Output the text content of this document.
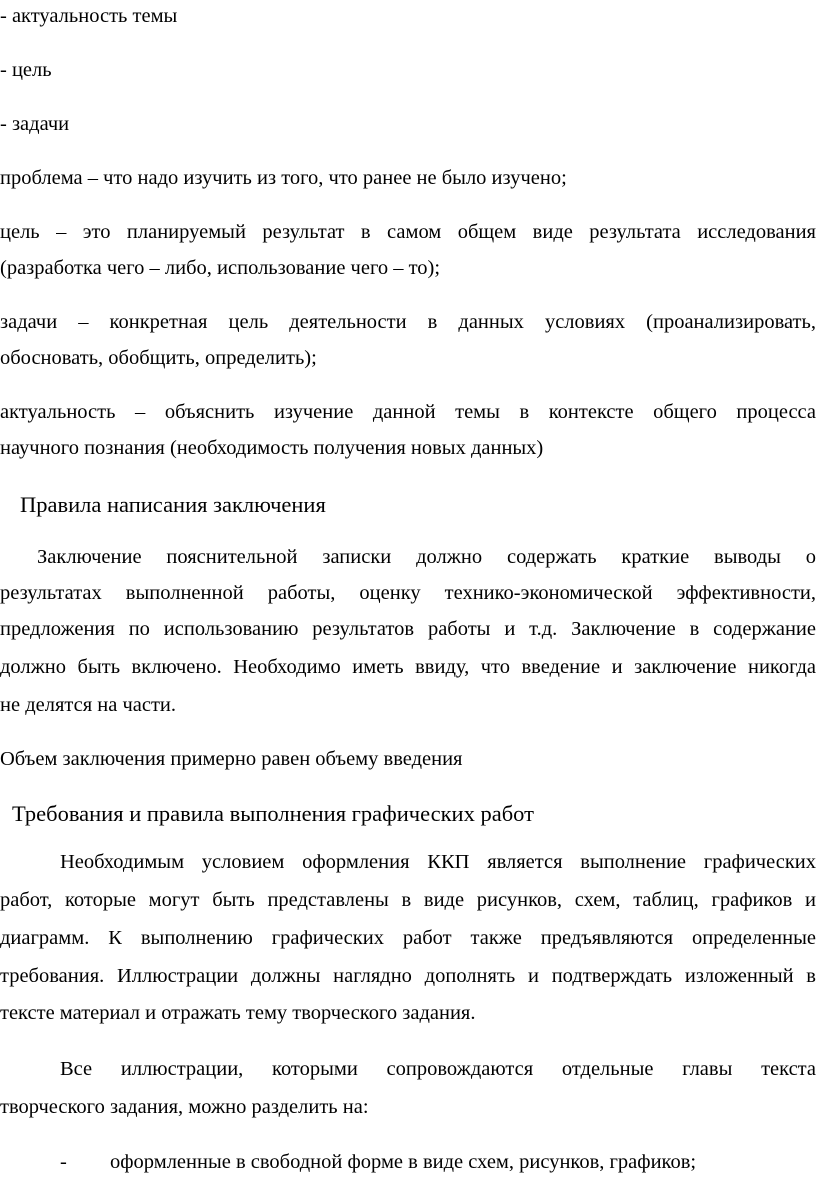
- актуальность темы
- цель
- задачи
проблема – что надо изучить из того, что ранее не было изучено;
цель – это планируемый результат в самом общем виде результата исследования
(разработка чего – либо, использование чего – то);
задачи – конкретная цель деятельности в данных условиях (проанализировать,
обосновать, обобщить, определить);
актуальность – объяснить изучение данной темы в контексте общего процесса
научного познания (необходимость получения новых данных)
Правила написания заключения
Заключение пояснительной записки должно содержать краткие выводы о
результатах выполненной работы, оценку технико-экономической эффективности,
предложения по использованию результатов работы и т.д. Заключение в содержание
должно быть включено. Необходимо иметь ввиду, что введение и заключение никогда
не делятся на части.
Объем заключения примерно равен объему введения
Требования и правила выполнения графических работ
Необходимым условием оформления ККП является выполнение графических
работ, которые могут быть представлены в виде рисунков, схем, таблиц, графиков и
диаграмм. К выполнению графических работ также предъявляются определенные
требования. Иллюстрации должны наглядно дополнять и подтверждать изложенный в
тексте материал и отражать тему творческого задания.
Все иллюстрации, которыми сопровождаются отдельные главы текста
творческого задания, можно разделить на:
- оформленные в свободной форме в виде схем, рисунков, графиков;
